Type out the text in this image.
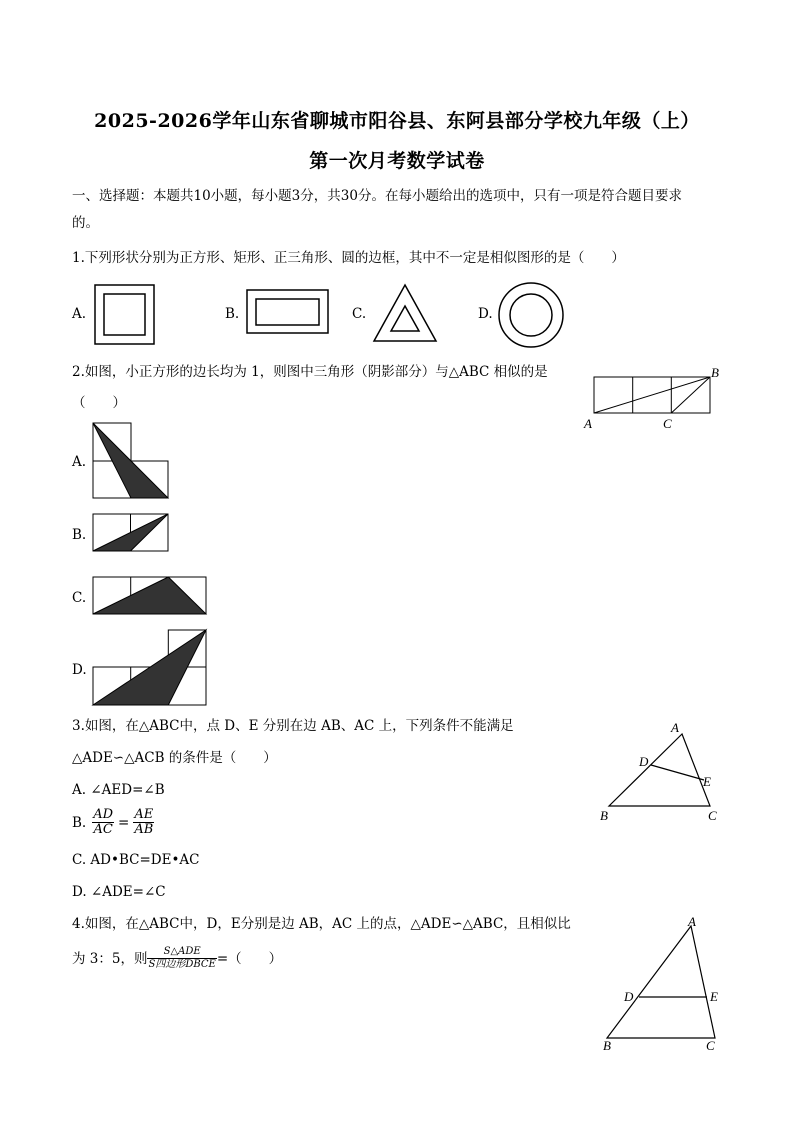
2025-2026学年山东省聊城市阳谷县、东阿县部分学校九年级（上）
第一次月考数学试卷
一、选择题：本题共10小题，每小题3分，共30分。在每小题给出的选项中，只有一项是符合题目要求
的。
1.下列形状分别为正方形、矩形、正三角形、圆的边框，其中不一定是相似图形的是（　　）
A.	B.	C.	D.
2.如图，小正方形的边长均为 1，则图中三角形（阴影部分）与△ABC 相似的是
（　　）
B
A	C
A.
B.
C.
D.
3.如图，在△ABC中，点 D、E 分别在边 AB、AC 上，下列条件不能满足
△ADE∽△ACB 的条件是（　　）
A. ∠AED=∠B
B. $\frac{AD}{AC} = \frac{AE}{AB}$
C. AD•BC=DE•AC
D. ∠ADE=∠C
A
D
E
B	C
4.如图，在△ABC中，D，E分别是边 AB，AC 上的点，△ADE∽△ABC，且相似比
为 3：5，则 $\frac{\text{S△ADE}}{\text{S四边形DBCE}}$ =（　　）
A
D	E
B	C
